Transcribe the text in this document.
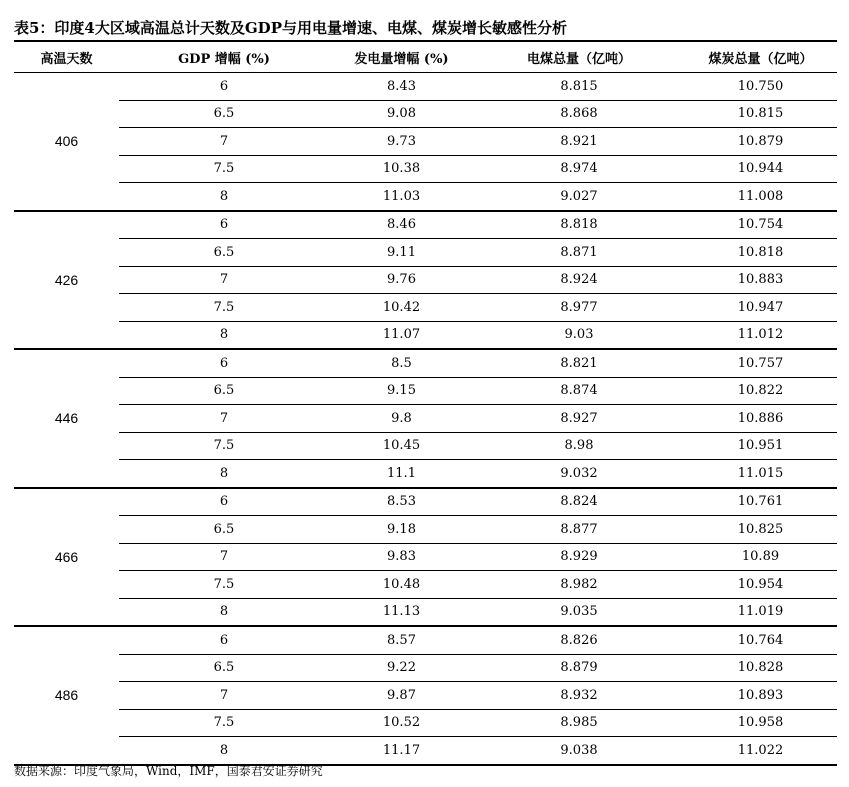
表5：印度4大区域高温总计天数及GDP与用电量增速、电煤、煤炭增长敏感性分析
高温天数	GDP 增幅 (%)	发电量增幅 (%)	电煤总量（亿吨）	煤炭总量（亿吨）
406
6	8.43	8.815	10.750
6.5	9.08	8.868	10.815
7	9.73	8.921	10.879
7.5	10.38	8.974	10.944
8	11.03	9.027	11.008
426
6	8.46	8.818	10.754
6.5	9.11	8.871	10.818
7	9.76	8.924	10.883
7.5	10.42	8.977	10.947
8	11.07	9.03	11.012
446
6	8.5	8.821	10.757
6.5	9.15	8.874	10.822
7	9.8	8.927	10.886
7.5	10.45	8.98	10.951
8	11.1	9.032	11.015
466
6	8.53	8.824	10.761
6.5	9.18	8.877	10.825
7	9.83	8.929	10.89
7.5	10.48	8.982	10.954
8	11.13	9.035	11.019
486
6	8.57	8.826	10.764
6.5	9.22	8.879	10.828
7	9.87	8.932	10.893
7.5	10.52	8.985	10.958
8	11.17	9.038	11.022
数据来源：印度气象局，Wind，IMF，国泰君安证券研究
